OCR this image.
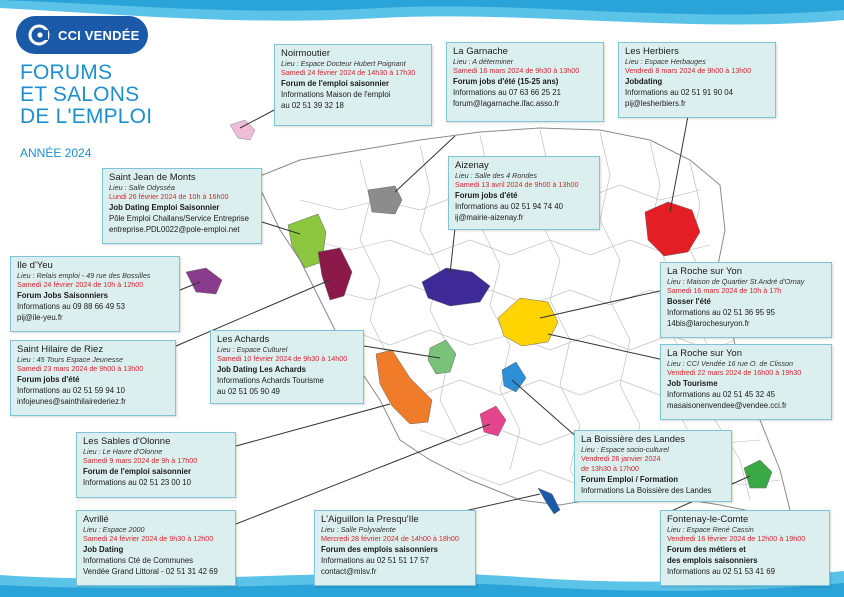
CCI VENDÉE
FORUMS
ET SALONS
DE L'EMPLOI
ANNÉE 2024
Noirmoutier
Lieu : Espace Docteur Hubert Poignant
Samedi 24 février 2024 de 14h30 à 17h30
Forum de l'emploi saisonnier
Informations Maison de l'emploi
au 02 51 39 32 18
La Garnache
Lieu : A déterminer
Samedi 16 mars 2024 de 9h30 à 13h00
Forum jobs d'été (15-25 ans)
Informations au 07 63 66 25 21
forum@lagarnache.ifac.asso.fr
Les Herbiers
Lieu : Espace Herbauges
Vendredi 8 mars 2024 de 9h00 à 13h00
Jobdating
Informations au 02 51 91 90 04
pij@lesherbiers.fr
Saint Jean de Monts
Lieu : Salle Odysséa
Lundi 26 février 2024 de 10h à 16h00
Job Dating Emploi Saisonnier
Pôle Emploi Challans/Service Entreprise
entreprise.PDL0022@pole-emploi.net
Aizenay
Lieu : Salle des 4 Rondes
Samedi 13 avril 2024 de 9h00 à 13h00
Forum jobs d'été
Informations au 02 51 94 74 40
ij@mairie-aizenay.fr
Ile d'Yeu
Lieu : Relais emploi - 49 rue des Bossilles
Samedi 24 février 2024 de 10h à 12h00
Forum Jobs Saisonniers
Informations au 09 88 66 49 53
pij@ile-yeu.fr
La Roche sur Yon
Lieu : Maison de Quartier St André d'Ornay
Samedi 16 mars 2024 de 10h à 17h
Bosser l'été
Informations au 02 51 36 95 95
14bis@larochesuryon.fr
Saint Hilaire de Riez
Lieu : 45 Tours Espace Jeunesse
Samedi 23 mars 2024 de 9h00 à 13h00
Forum jobs d'été
Informations au 02 51 59 94 10
infojeunes@sainthilairederiez.fr
Les Achards
Lieu : Espace Culturel
Samedi 10 février 2024 de 9h30 à 14h00
Job Dating Les Achards
Informations Achards Tourisme
au 02 51 05 90 49
La Roche sur Yon
Lieu : CCI Vendée 16 rue O. de Clisson
Vendredi 22 mars 2024 de 16h00 à 19h30
Job Tourisme
Informations au 02 51 45 32 45
masaisonenvendee@vendee.cci.fr
Les Sables d'Olonne
Lieu : Le Havre d'Olonne
Samedi 9 mars 2024 de 9h à 17h00
Forum de l'emploi saisonnier
Informations au 02 51 23 00 10
La Boissière des Landes
Lieu : Espace socio-culturel
Vendredi 26 janvier 2024
de 13h30 à 17h00
Forum Emploi / Formation
Informations La Boissière des Landes
Avrillé
Lieu : Espace 2000
Samedi 24 février 2024 de 9h30 à 12h00
Job Dating
Informations Cté de Communes
Vendée Grand Littoral - 02 51 31 42 69
L'Aiguillon la Presqu'Ile
Lieu : Salle Polyvalente
Mercredi 28 février 2024 de 14h00 à 18h00
Forum des emplois saisonniers
Informations au 02 51 51 17 57
contact@mlsv.fr
Fontenay-le-Comte
Lieu : Espace René Cassin
Vendredi 16 février 2024 de 12h00 à 19h00
Forum des métiers et
des emplois saisonniers
Informations au 02 51 53 41 69
